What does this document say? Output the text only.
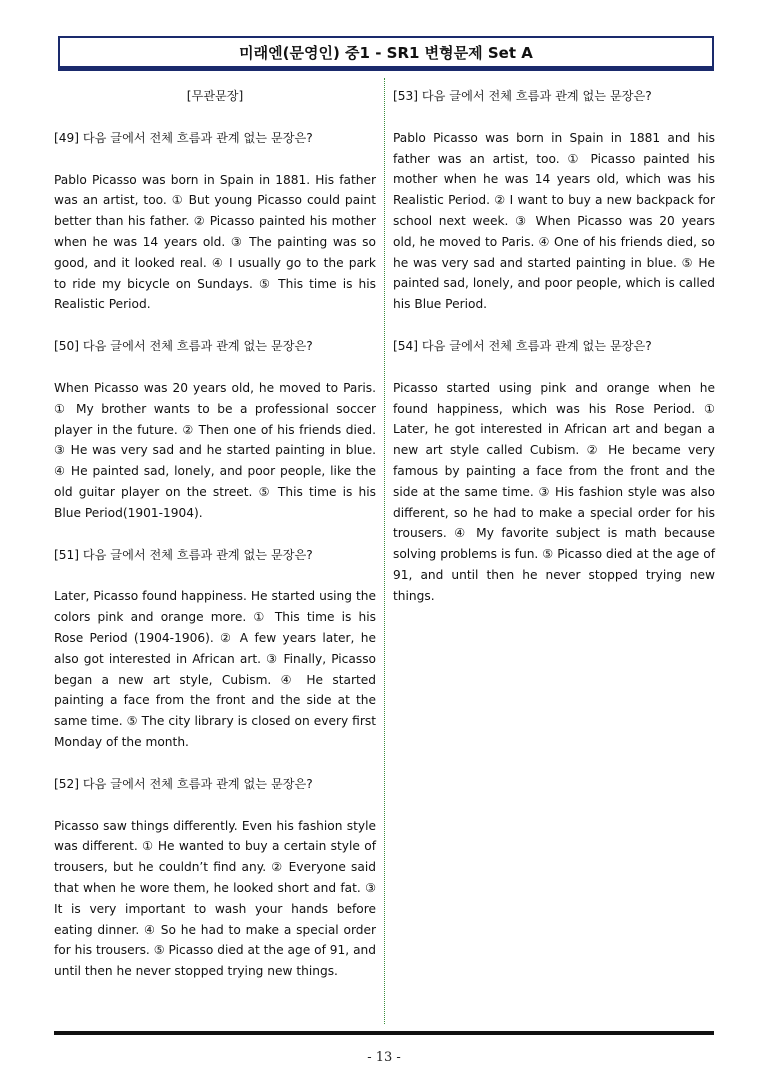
미래엔(문영인) 중1 - SR1 변형문제 Set A
[무관문장]
[49] 다음 글에서 전체 흐름과 관계 없는 문장은?
Pablo Picasso was born in Spain in 1881. His father was an artist, too. ① But young Picasso could paint better than his father. ② Picasso painted his mother when he was 14 years old. ③ The painting was so good, and it looked real. ④ I usually go to the park to ride my bicycle on Sundays. ⑤ This time is his Realistic Period.
[50] 다음 글에서 전체 흐름과 관계 없는 문장은?
When Picasso was 20 years old, he moved to Paris. ① My brother wants to be a professional soccer player in the future. ② Then one of his friends died. ③ He was very sad and he started painting in blue. ④ He painted sad, lonely, and poor people, like the old guitar player on the street. ⑤ This time is his Blue Period(1901-1904).
[51] 다음 글에서 전체 흐름과 관계 없는 문장은?
Later, Picasso found happiness. He started using the colors pink and orange more. ① This time is his Rose Period (1904-1906). ② A few years later, he also got interested in African art. ③ Finally, Picasso began a new art style, Cubism. ④ He started painting a face from the front and the side at the same time. ⑤ The city library is closed on every first Monday of the month.
[52] 다음 글에서 전체 흐름과 관계 없는 문장은?
Picasso saw things differently. Even his fashion style was different. ① He wanted to buy a certain style of trousers, but he couldn’t find any. ② Everyone said that when he wore them, he looked short and fat. ③ It is very important to wash your hands before eating dinner. ④ So he had to make a special order for his trousers. ⑤ Picasso died at the age of 91, and until then he never stopped trying new things.
[53] 다음 글에서 전체 흐름과 관계 없는 문장은?
Pablo Picasso was born in Spain in 1881 and his father was an artist, too. ① Picasso painted his mother when he was 14 years old, which was his Realistic Period. ② I want to buy a new backpack for school next week. ③ When Picasso was 20 years old, he moved to Paris. ④ One of his friends died, so he was very sad and started painting in blue. ⑤ He painted sad, lonely, and poor people, which is called his Blue Period.
[54] 다음 글에서 전체 흐름과 관계 없는 문장은?
Picasso started using pink and orange when he found happiness, which was his Rose Period. ① Later, he got interested in African art and began a new art style called Cubism. ② He became very famous by painting a face from the front and the side at the same time. ③ His fashion style was also different, so he had to make a special order for his trousers. ④ My favorite subject is math because solving problems is fun. ⑤ Picasso died at the age of 91, and until then he never stopped trying new things.
- 13 -
